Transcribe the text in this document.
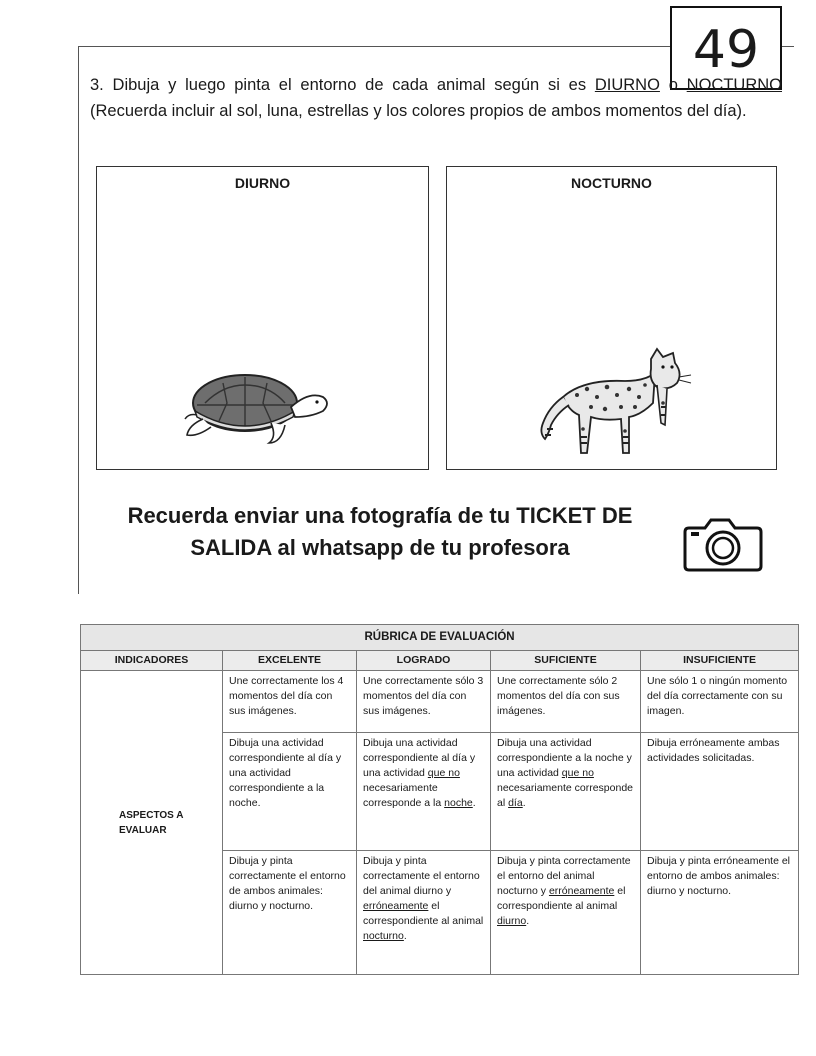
49

3. Dibuja y luego pinta el entorno de cada animal según si es DIURNO o NOCTURNO (Recuerda incluir al sol, luna, estrellas y los colores propios de ambos momentos del día).

DIURNO	NOCTURNO
Recuerda enviar una fotografía de tu TICKET DE
SALIDA al whatsapp de tu profesora
RÚBRICA DE EVALUACIÓN				
INDICADORES	EXCELENTE	LOGRADO	SUFICIENTE	INSUFICIENTE
ASPECTOS A EVALUAR	Une correctamente los 4 momentos del día con sus imágenes.	Une correctamente sólo 3 momentos del día con sus imágenes.	Une correctamente sólo 2 momentos del día con sus imágenes.	Une sólo 1 o ningún momento del día correctamente con su imagen.
	Dibuja una actividad correspondiente al día y una actividad correspondiente a la noche.	Dibuja una actividad correspondiente al día y una actividad que no necesariamente corresponde a la noche.	Dibuja una actividad correspondiente a la noche y una actividad que no necesariamente corresponde al día.	Dibuja erróneamente ambas actividades solicitadas.
	Dibuja y pinta correctamente el entorno de ambos animales: diurno y nocturno.	Dibuja y pinta correctamente el entorno del animal diurno y erróneamente el correspondiente al animal nocturno.	Dibuja y pinta correctamente el entorno del animal nocturno y erróneamente el correspondiente al animal diurno.	Dibuja y pinta erróneamente el entorno de ambos animales: diurno y nocturno.
